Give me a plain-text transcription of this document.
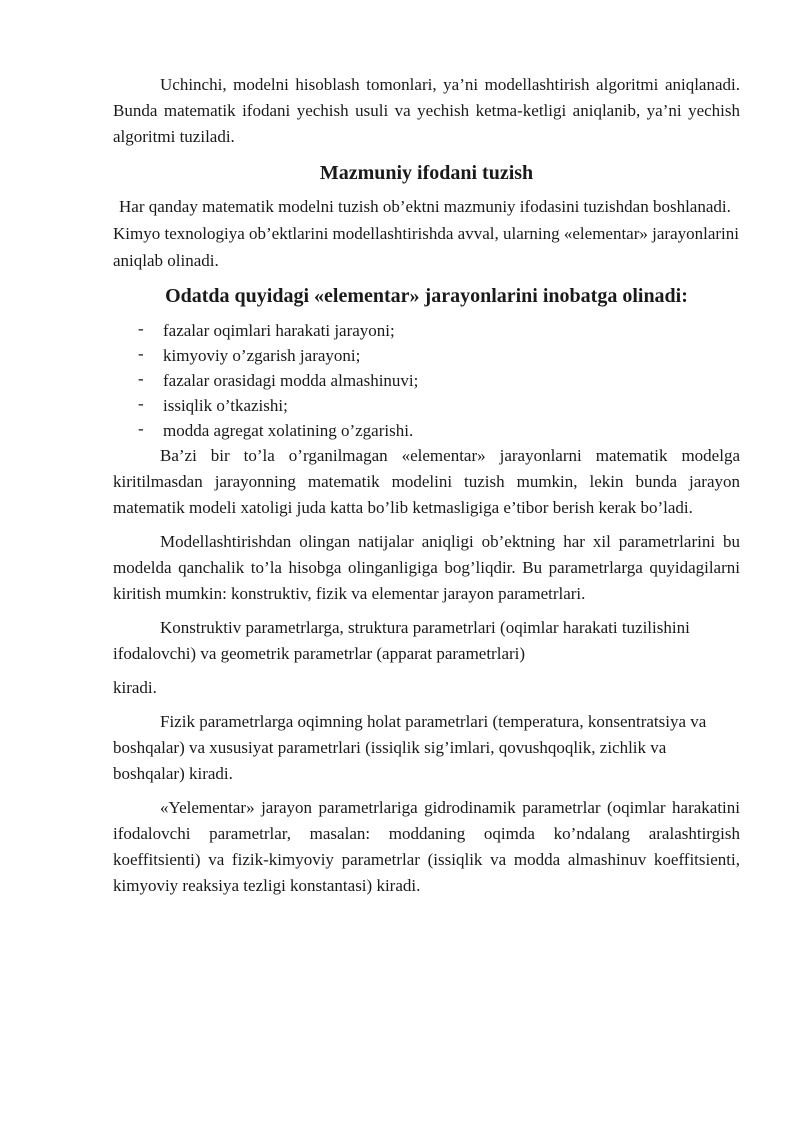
Uchinchi, modelni hisoblash tomonlari, ya’ni modellashtirish algoritmi aniqlanadi. Bunda matematik ifodani yechish usuli va yechish ketma-ketligi aniqlanib, ya’ni yechish algoritmi tuziladi.

Mazmuniy ifodani tuzish

Har qanday matematik modelni tuzish ob’ektni mazmuniy ifodasini tuzishdan boshlanadi. Kimyo texnologiya ob’ektlarini modellashtirishda avval, ularning «elementar» jarayonlarini aniqlab olinadi.

Odatda quyidagi «elementar» jarayonlarini inobatga olinadi:
- fazalar oqimlari harakati jarayoni;
- kimyoviy o’zgarish jarayoni;
- fazalar orasidagi modda almashinuvi;
- issiqlik o’tkazishi;
- modda agregat xolatining o’zgarishi.

Ba’zi bir to’la o’rganilmagan «elementar» jarayonlarni matematik modelga kiritilmasdan jarayonning matematik modelini tuzish mumkin, lekin bunda jarayon matematik modeli xatoligi juda katta bo’lib ketmasligiga e’tibor berish kerak bo’ladi.

Modellashtirishdan olingan natijalar aniqligi ob’ektning har xil parametrlarini bu modelda qanchalik to’la hisobga olinganligiga bog’liqdir. Bu parametrlarga quyidagilarni kiritish mumkin: konstruktiv, fizik va elementar jarayon parametrlari.

Konstruktiv parametrlarga, struktura parametrlari (oqimlar harakati tuzilishini ifodalovchi) va geometrik parametrlar (apparat parametrlari)

kiradi.

Fizik parametrlarga oqimning holat parametrlari (temperatura, konsentratsiya va boshqalar) va xususiyat parametrlari (issiqlik sig’imlari, qovushqoqlik, zichlik va boshqalar) kiradi.

«Yelementar» jarayon parametrlariga gidrodinamik parametrlar (oqimlar harakatini ifodalovchi parametrlar, masalan: moddaning oqimda ko’ndalang aralashtirgish koeffitsienti) va fizik-kimyoviy parametrlar (issiqlik va modda almashinuv koeffitsienti, kimyoviy reaksiya tezligi konstantasi) kiradi.
